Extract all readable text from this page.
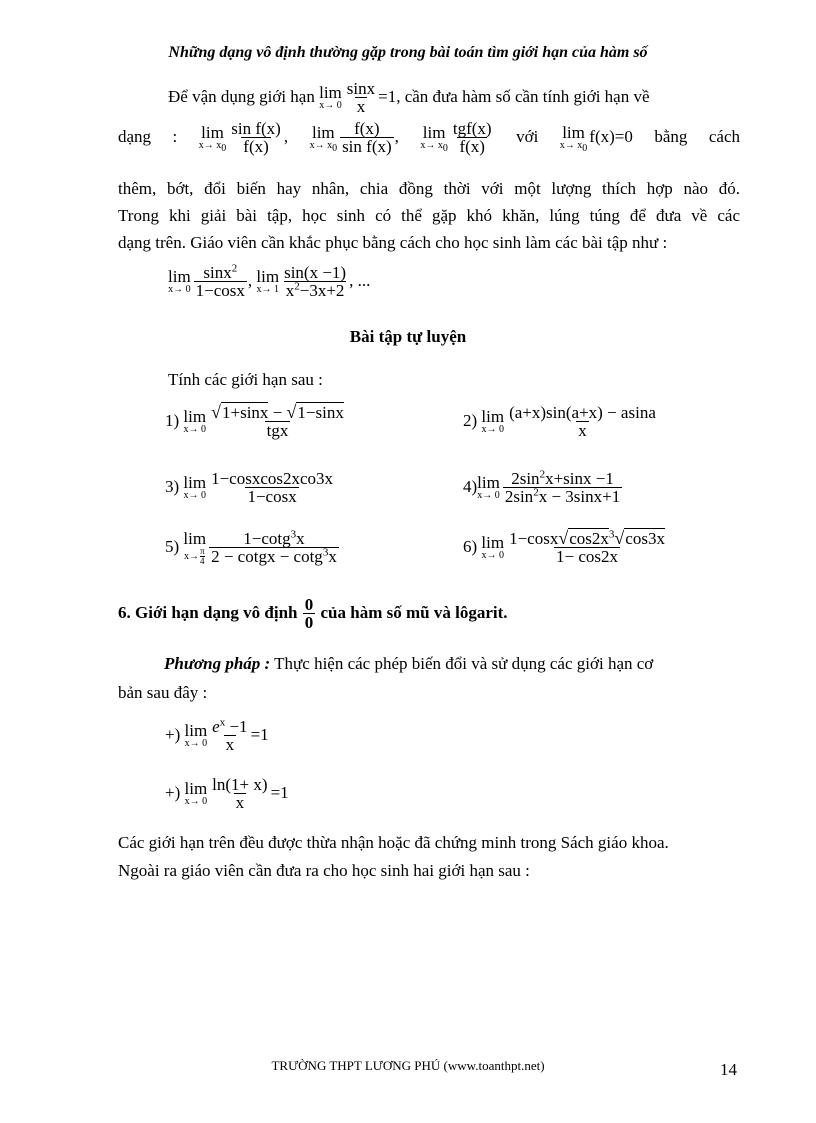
Những dạng vô định thường gặp trong bài toán tìm giới hạn của hàm số
Để vận dụng giới hạn lim
$x\to 0 \frac{\sin x}{x} =1$, cần đưa hàm số cần tính giới hạn về
dạng : lim
$x\to x0 \frac{\text{sin f(x)}}{f(x)}$ , lim
$x\to x0 \frac{f(x)}{\text{sin f(x)}}$ , lim
$x\to x0 \frac{\text{tgf(x)}}{f(x)}$ với lim
x→ x0
f(x)=0 bằng cách
thêm, bớt, đổi biến hay nhân, chia đồng thời với một lượng thích hợp nào đó.
Trong khi giải bài tập, học sinh có thể gặp khó khăn, lúng túng để đưa về các
dạng trên. Giáo viên cần khắc phục bằng cách cho học sinh làm các bài tập như :
lim
$x\to 0 \frac{\sin x^2}{1-\cos x}$ , lim
$x\to 1 \frac{\sin(x -1)}{x^2-3x+2}$ , ...
Bài tập tự luyện
Tính các giới hạn sau :
1) lim
$x\to 0 \frac{√1+\sin x - √1-\sin x}{\text{tgx}}$	2) lim
$x\to 0 \frac{(a+x)\sin(a+x) - asina}{x}$
3) lim
$x\to 0 \frac{\text{1−cosxcos2xco3x}}{1-\cos x}$	4) lim
$x\to 0 \frac{2\sin^2x+\sin x -1}{2\sin^2x - 3\sin x+1}$
5) lim
$x\to \frac{\pi}{4} \frac{1-\cot g^3x}{2 - cotgx - \cot g^3x}$	6) lim
$x\to 0 \frac{1-\cos x√\cos 2x^3√\cos 3x}{1- \cos 2x}$
6. Giới hạn dạng vô định $\frac{0}{0}$ của hàm số mũ và lôgarit.
Phương pháp : Thực hiện các phép biến đổi và sử dụng các giới hạn cơ
bản sau đây :
+) lim
$x\to 0 \frac{e^x -1}{x} =1$
+) lim
$x\to 0 \frac{\ln(1+ x)}{x} =1$
Các giới hạn trên đều được thừa nhận hoặc đã chứng minh trong Sách giáo khoa.
Ngoài ra giáo viên cần đưa ra cho học sinh hai giới hạn sau :
TRƯỜNG THPT LƯƠNG PHÚ (www.toanthpt.net)	14
